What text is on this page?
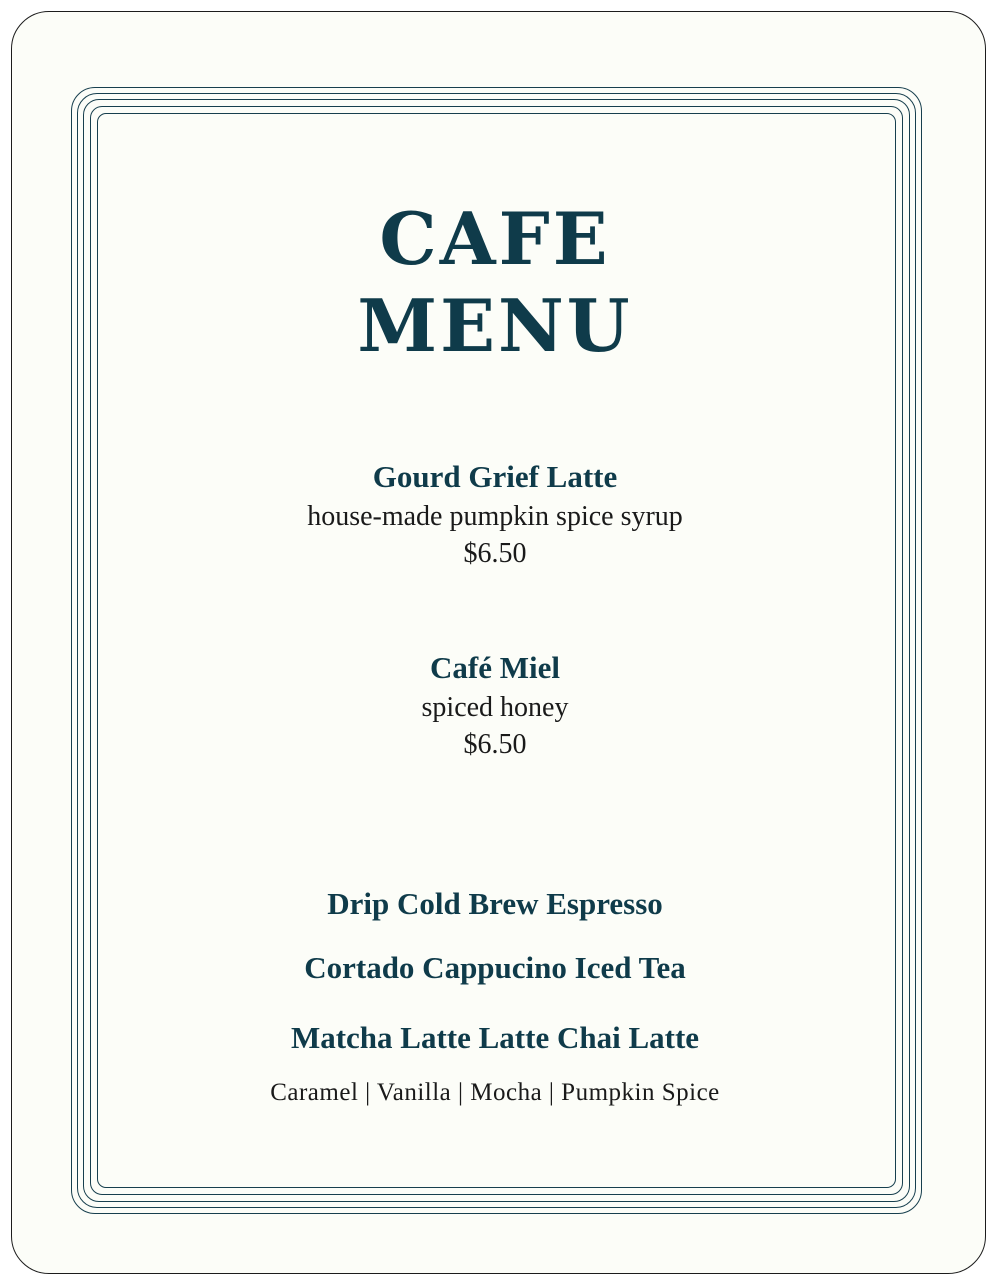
CAFE
MENU
Gourd Grief Latte
house-made pumpkin spice syrup
$6.50
Café Miel
spiced honey
$6.50
Drip Cold Brew Espresso
Cortado Cappucino Iced Tea
Matcha Latte Latte Chai Latte
Caramel | Vanilla | Mocha | Pumpkin Spice
